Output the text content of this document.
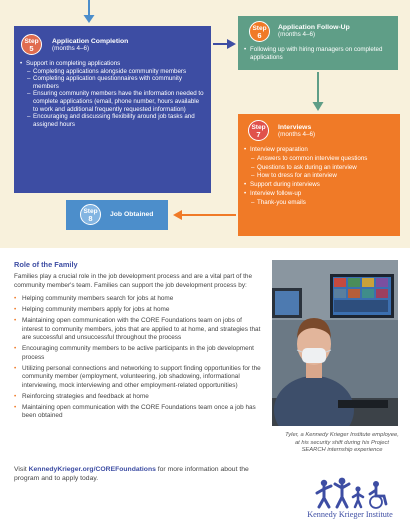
Step
5
Application Completion
(months 4–6)
• Support in completing applications
– Completing applications alongside community members
– Completing application questionnaires with community members
– Ensuring community members have the information needed to complete applications (email, phone number, hours available to work and additional frequently requested information)
– Encouraging and discussing flexibility around job tasks and assigned hours
Step
6
Application Follow-Up
(months 4–6)
• Following up with hiring managers on completed applications
Step
7
Interviews
(months 4–6)
• Interview preparation
– Answers to common interview questions
– Questions to ask during an interview
– How to dress for an interview
• Support during interviews
• Interview follow-up
– Thank-you emails
Step
8	Job Obtained
Role of the Family

Families play a crucial role in the job development process and are a vital part of the community member's team. Families can support the job development process by:

• Helping community members search for jobs at home
• Helping community members apply for jobs at home
• Maintaining open communication with the CORE Foundations team on jobs of interest to community members, jobs that are applied to at home, and strategies that are successful and unsuccessful throughout the process
• Encouraging community members to be active participants in the job development process
• Utilizing personal connections and networking to support finding opportunities for the community member (employment, volunteering, job shadowing, informational interviewing, mock interviewing and other employment-related opportunities)
• Reinforcing strategies and feedback at home
• Maintaining open communication with the CORE Foundations team once a job has been obtained

Visit KennedyKrieger.org/COREFoundations for more information about the program and to apply today.

Tyler, a Kennedy Krieger Institute employee, at his security shift during his Project SEARCH internship experience

Kennedy Krieger Institute
